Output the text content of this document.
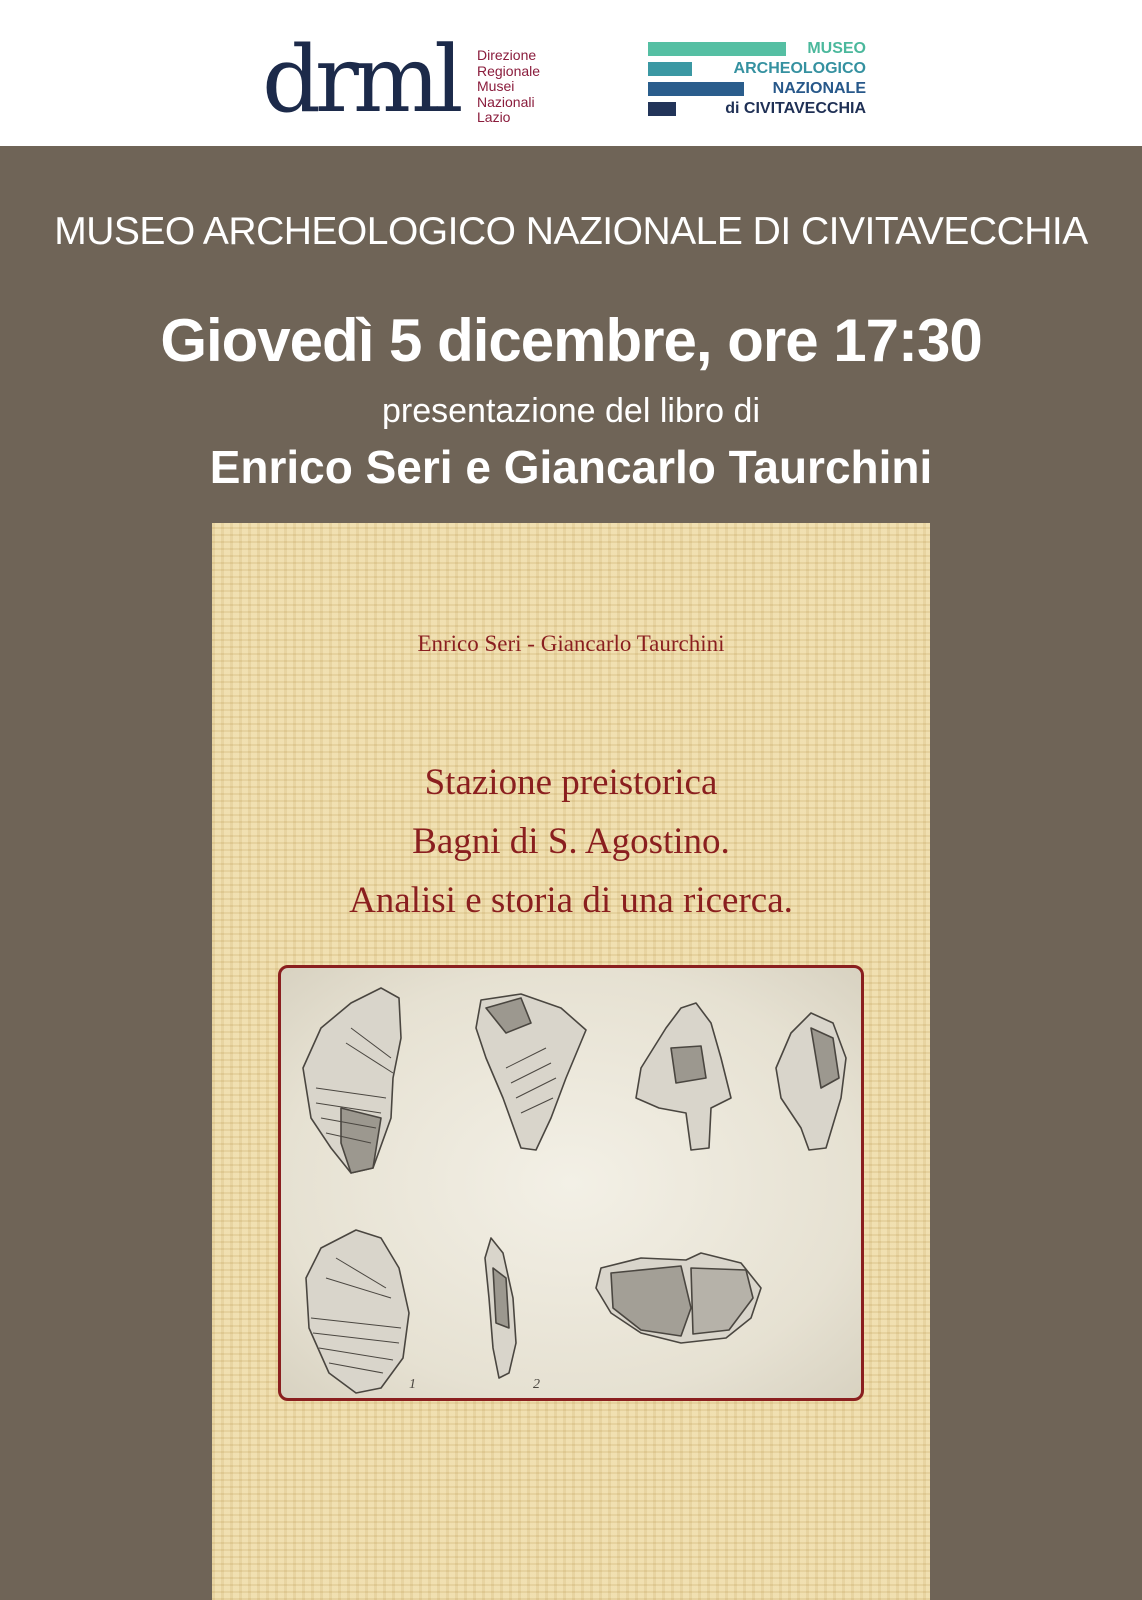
drml Direzione
Regionale
Musei
Nazionali
Lazio
MUSEO
ARCHEOLOGICO
NAZIONALE
di CIVITAVECCHIA
MUSEO ARCHEOLOGICO NAZIONALE DI CIVITAVECCHIA
Giovedì 5 dicembre, ore 17:30
presentazione del libro di
Enrico Seri e Giancarlo Taurchini
Enrico Seri - Giancarlo Taurchini
Stazione preistorica
Bagni di S. Agostino.
Analisi e storia di una ricerca.
1	2
